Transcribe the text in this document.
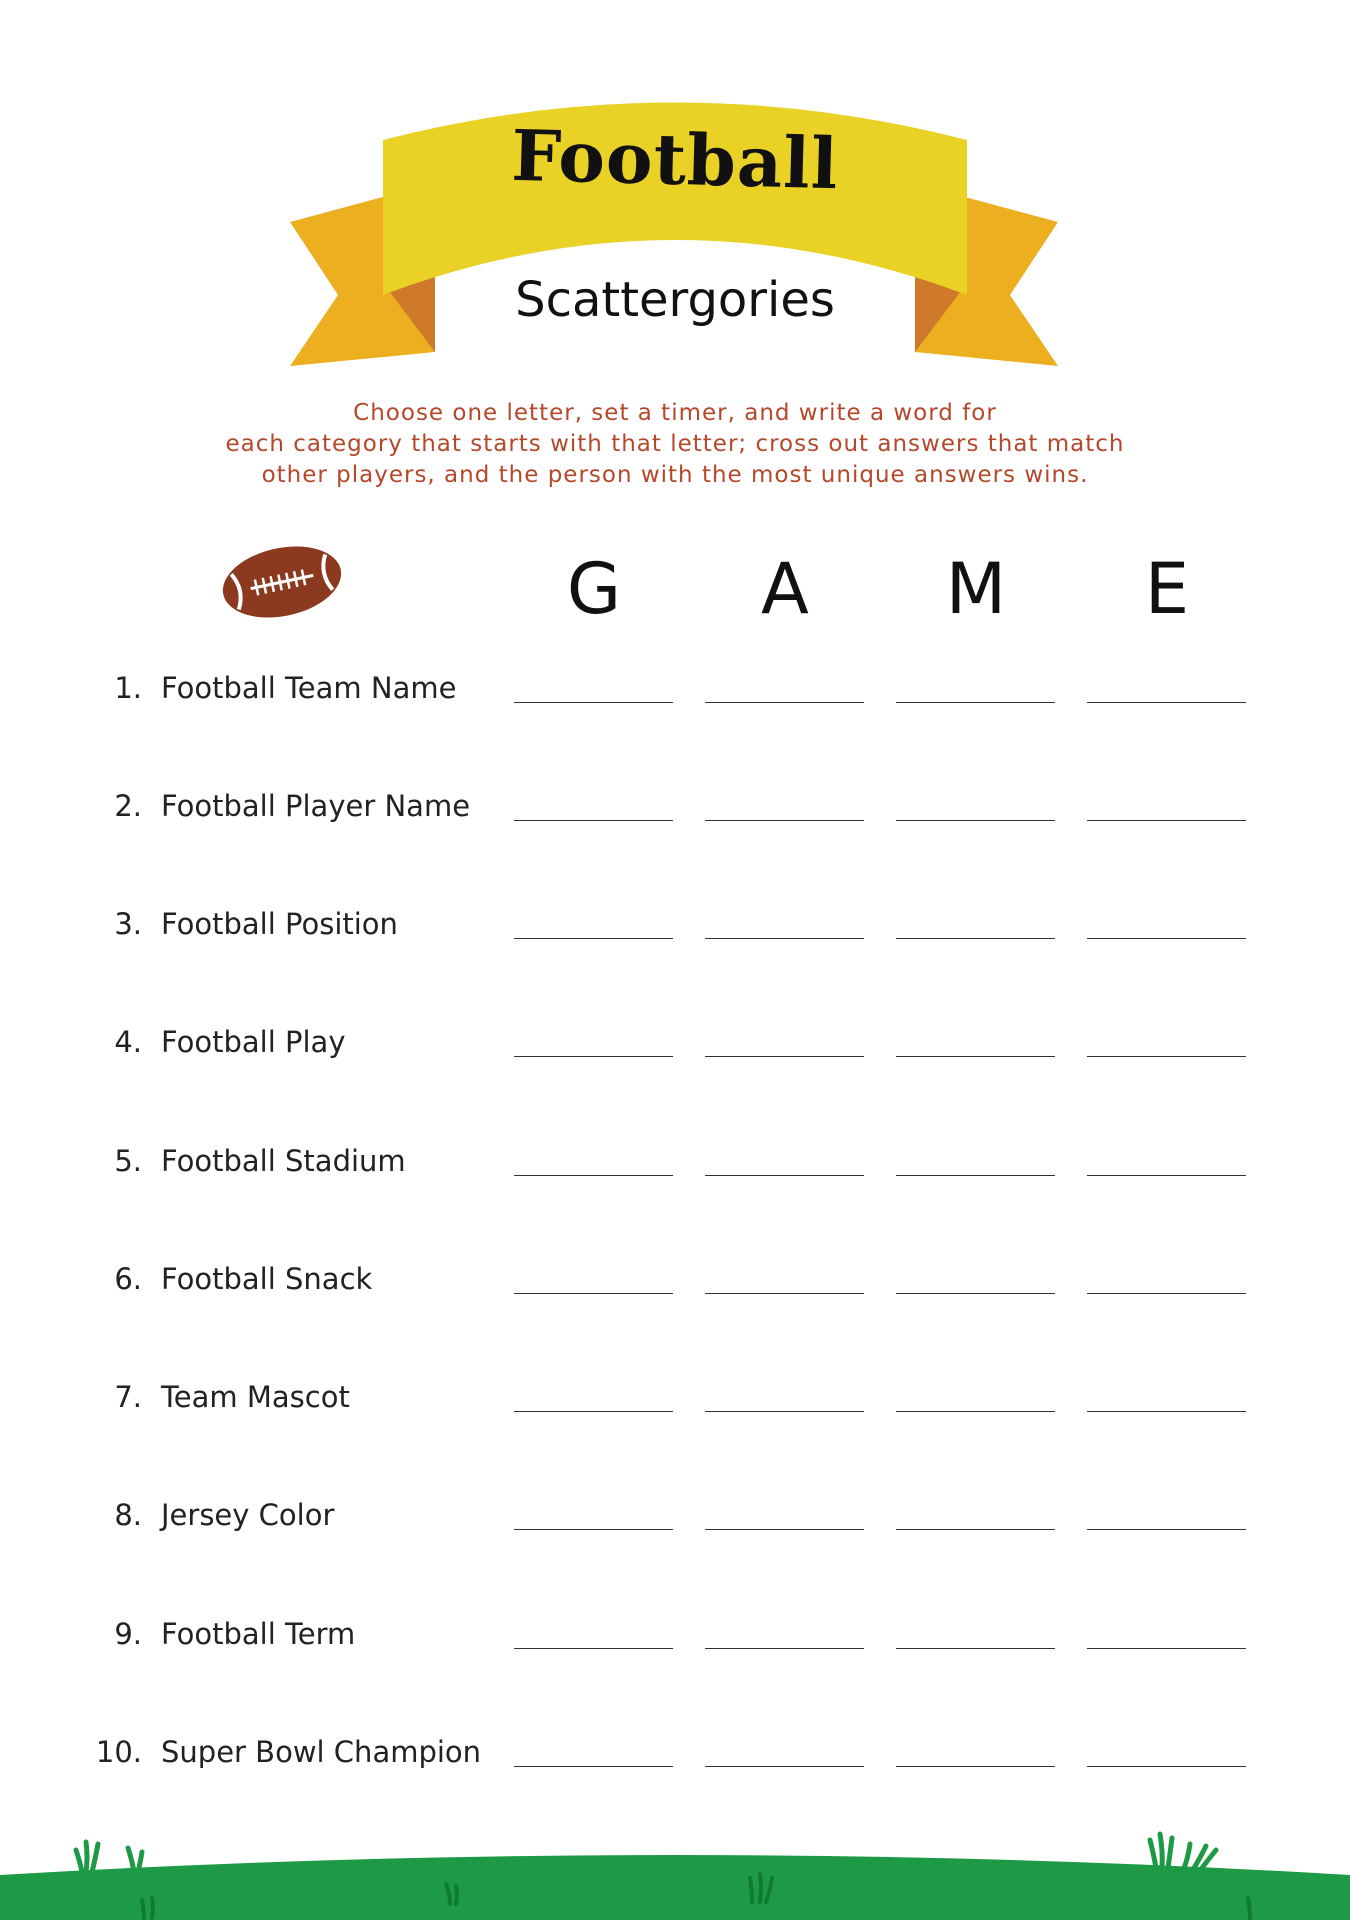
Football
Scattergories
Choose one letter, set a timer, and write a word for
each category that starts with that letter; cross out answers that match
other players, and the person with the most unique answers wins.
G	A	M	E
1. Football Team Name
2. Football Player Name
3. Football Position
4. Football Play
5. Football Stadium
6. Football Snack
7. Team Mascot
8. Jersey Color
9. Football Term
10. Super Bowl Champion
